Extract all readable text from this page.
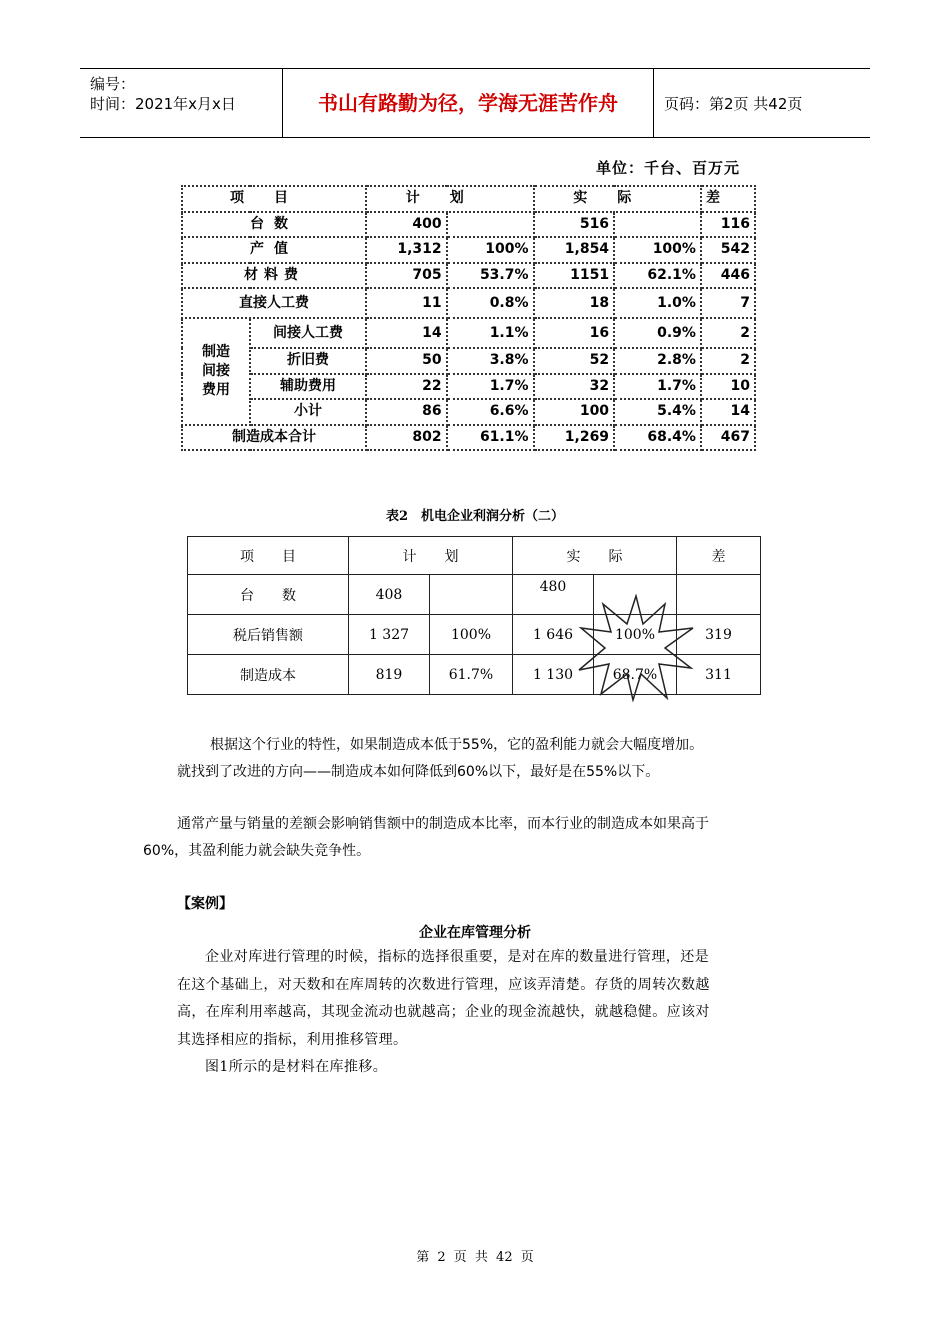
编号：
时间：2021年x月x日	书山有路勤为径，学海无涯苦作舟	页码：第2页 共42页
单位：千台、百万元
项目		计划		实际		差
台数		400		516		116
产值		1,312	100%	1,854	100%	542
材料费		705	53.7%	1151	62.1%	446
直接人工费		11	0.8%	18	1.0%	7

制造
间接
费用	间接人工费	14	1.1%	16	0.9%	2
	折旧费	50	3.8%	52	2.8%	2
	辅助费用	22	1.7%	32	1.7%	10
	小计	86	6.6%	100	5.4%	14
制造成本合计		802	61.1%	1,269	68.4%	467
表2　机电企业利润分析（二）
项　　目	计　　划		实　　际		差
台　　数	408		480		
税后销售额	1 327	100%	1 646	100%	319
制造成本	819	61.7%	1 130	68.7%	311
根据这个行业的特性，如果制造成本低于55%，它的盈利能力就会大幅度增加。
就找到了改进的方向——制造成本如何降低到60%以下，最好是在55%以下。
通常产量与销量的差额会影响销售额中的制造成本比率，而本行业的制造成本如果高于
60%，其盈利能力就会缺失竞争性。
【案例】
企业在库管理分析
企业对库进行管理的时候，指标的选择很重要，是对在库的数量进行管理，还是
在这个基础上，对天数和在库周转的次数进行管理，应该弄清楚。存货的周转次数越
高，在库利用率越高，其现金流动也就越高；企业的现金流越快，就越稳健。应该对
其选择相应的指标，利用推移管理。
图1所示的是材料在库推移。
第 2 页 共 42 页
